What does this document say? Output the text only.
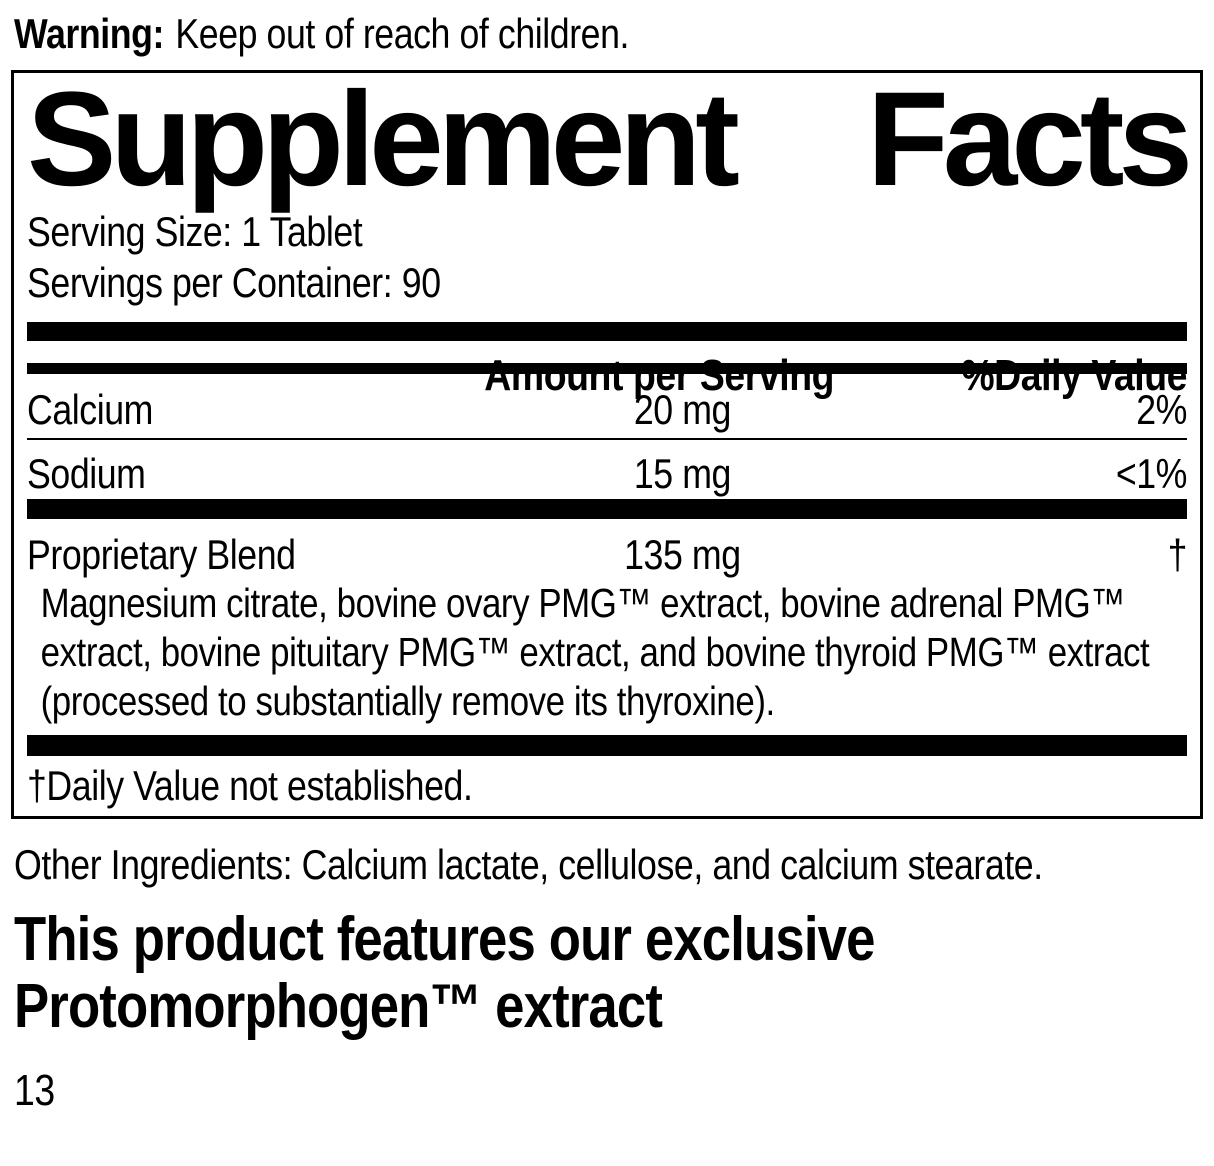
Warning: Keep out of reach of children.
Supplement Facts
Serving Size: 1 Tablet
Servings per Container: 90
Amount per Serving	%Daily Value
Calcium	20 mg	2%
Sodium	15 mg	<1%
Proprietary Blend	135 mg	†
Magnesium citrate, bovine ovary PMG™ extract, bovine adrenal PMG™
extract, bovine pituitary PMG™ extract, and bovine thyroid PMG™ extract
(processed to substantially remove its thyroxine).
†Daily Value not established.
Other Ingredients: Calcium lactate, cellulose, and calcium stearate.
This product features our exclusive
Protomorphogen™ extract
13
